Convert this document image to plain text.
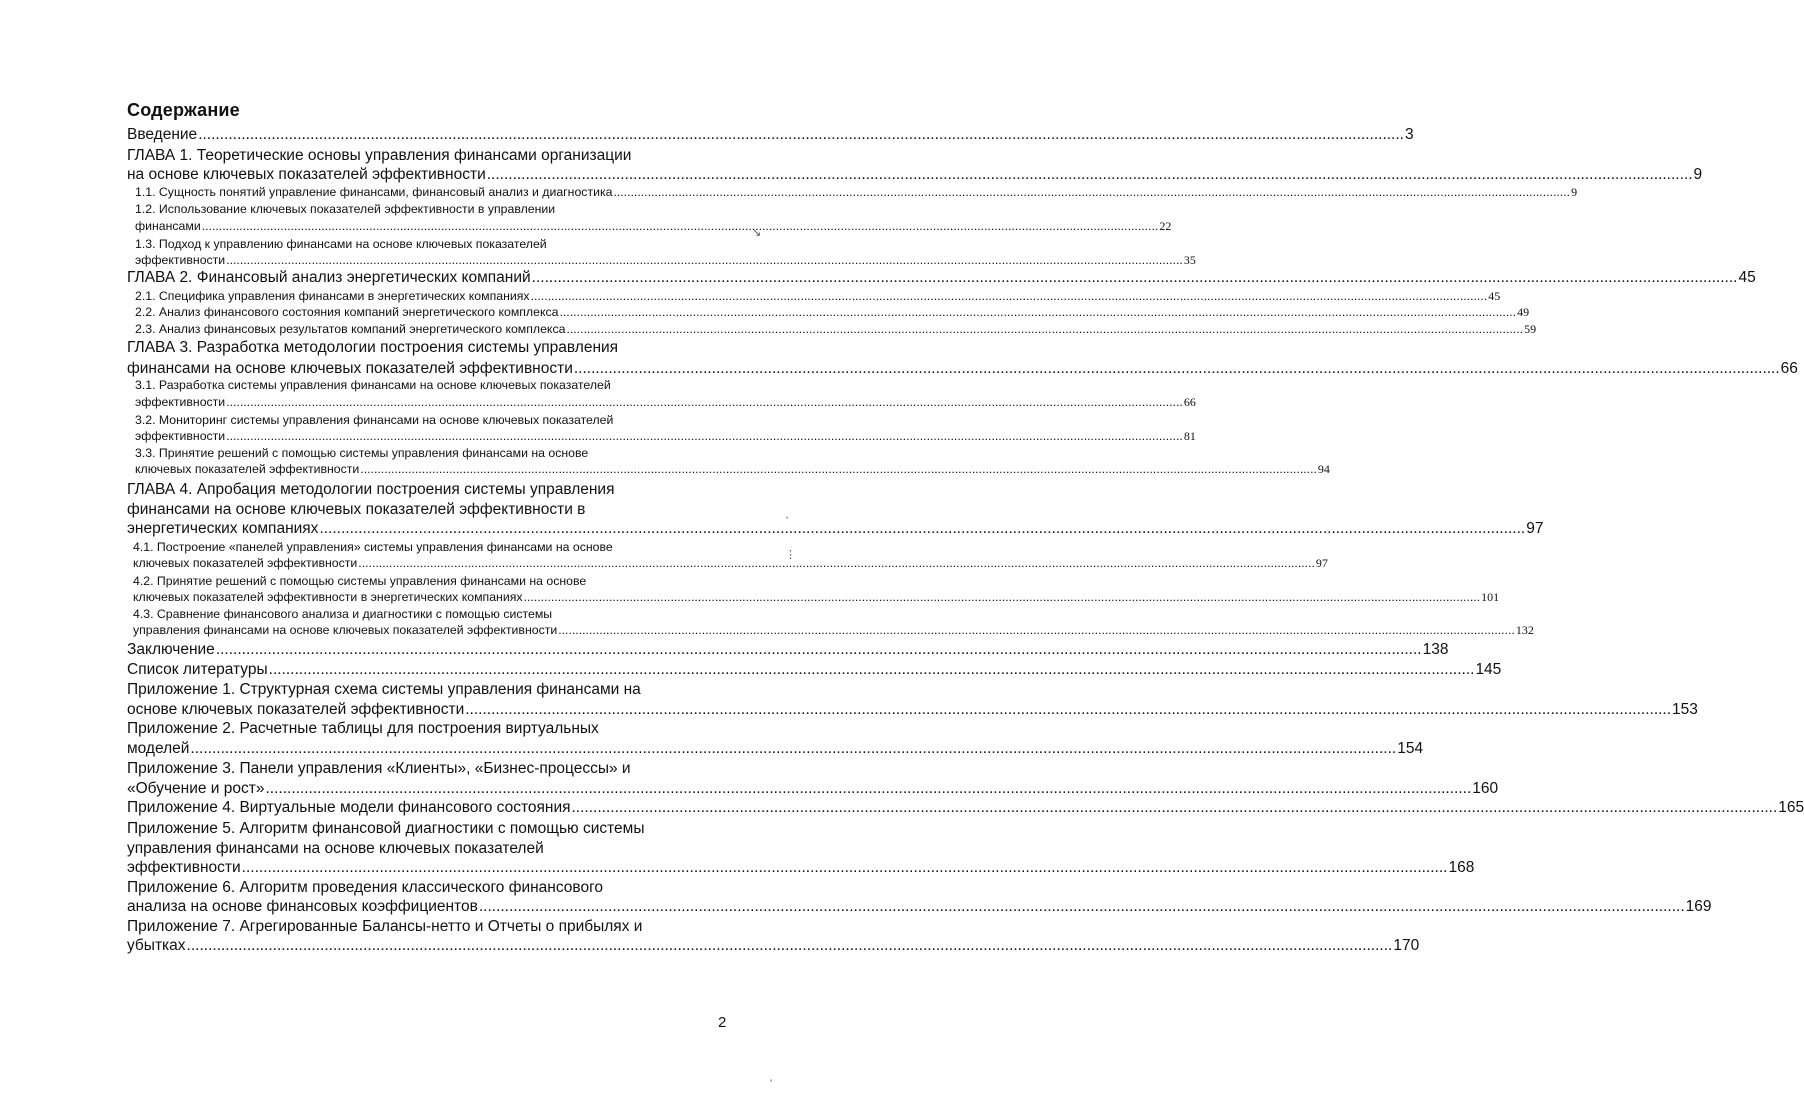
Содержание
Введение .....	3
ГЛАВА 1. Теоретические основы управления финансами организации
на основе ключевых показателей эффективности .....	9
1.1. Сущность понятий управление финансами, финансовый анализ и диагностика .....	9
1.2. Использование ключевых показателей эффективности в управлении
финансами .....	22
1.3. Подход к управлению финансами на основе ключевых показателей
эффективности .....	35
ГЛАВА 2. Финансовый анализ энергетических компаний .....	45
2.1. Специфика управления финансами в энергетических компаниях .....	45
2.2. Анализ финансового состояния компаний энергетического комплекса .....	49
2.3. Анализ финансовых результатов компаний энергетического комплекса .....	59
ГЛАВА 3. Разработка методологии построения системы управления
финансами на основе ключевых показателей эффективности .....	66
3.1. Разработка системы управления финансами на основе ключевых показателей
эффективности .....	66
3.2. Мониторинг системы управления финансами на основе ключевых показателей
эффективности .....	81
3.3. Принятие решений с помощью системы управления финансами на основе
ключевых показателей эффективности .....	94
ГЛАВА 4. Апробация методологии построения системы управления
финансами на основе ключевых показателей эффективности в
энергетических компаниях .....	97
4.1. Построение «панелей управления» системы управления финансами на основе
ключевых показателей эффективности .....	97
4.2. Принятие решений с помощью системы управления финансами на основе
ключевых показателей эффективности в энергетических компаниях .....	101
4.3. Сравнение финансового анализа и диагностики с помощью системы
управления финансами на основе ключевых показателей эффективности .....	132
Заключение .....	138
Список литературы .....	145
Приложение 1. Структурная схема системы управления финансами на
основе ключевых показателей эффективности .....	153
Приложение 2. Расчетные таблицы для построения виртуальных
моделей .....	154
Приложение 3. Панели управления «Клиенты», «Бизнес-процессы» и
«Обучение и рост» .....	160
Приложение 4. Виртуальные модели финансового состояния .....	165
Приложение 5. Алгоритм финансовой диагностики с помощью системы
управления финансами на основе ключевых показателей
эффективности .....	168
Приложение 6. Алгоритм проведения классического финансового
анализа на основе финансовых коэффициентов .....	169
Приложение 7. Агрегированные Балансы-нетто и Отчеты о прибылях и
убытках .....	170
2
↘
'
⋮
'
